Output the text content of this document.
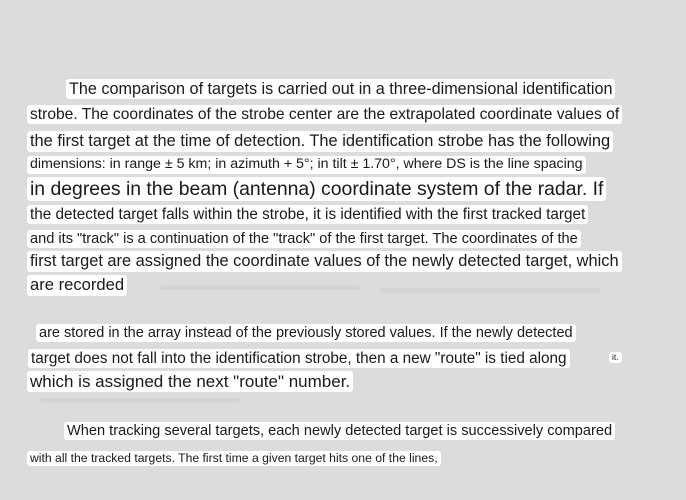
The comparison of targets is carried out in a three-dimensional identification
strobe. The coordinates of the strobe center are the extrapolated coordinate values of
the first target at the time of detection. The identification strobe has the following
dimensions: in range ± 5 km; in azimuth + 5°; in tilt ± 1.70°, where DS is the line spacing
in degrees in the beam (antenna) coordinate system of the radar. If
the detected target falls within the strobe, it is identified with the first tracked target
and its "track" is a continuation of the "track" of the first target. The coordinates of the
first target are assigned the coordinate values of the newly detected target, which
are recorded
are stored in the array instead of the previously stored values. If the newly detected
target does not fall into the identification strobe, then a new "route" is tied along	it.
which is assigned the next "route" number.
When tracking several targets, each newly detected target is successively compared
with all the tracked targets. The first time a given target hits one of the lines,
